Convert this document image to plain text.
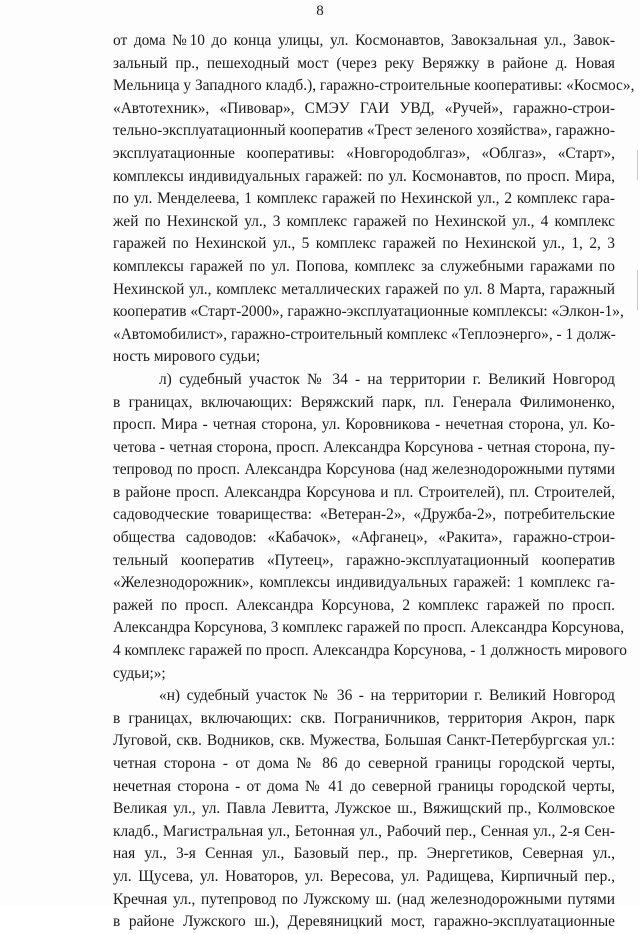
8
от дома №10 до конца улицы, ул. Космонавтов, Завокзальная ул., Завок-
зальный пр., пешеходный мост (через реку Веряжку в районе д. Новая
Мельница у Западного кладб.), гаражно-строительные кооперативы: «Космос»,
«Автотехник», «Пивовар», СМЭУ ГАИ УВД, «Ручей», гаражно-строи-
тельно-эксплуатационный кооператив «Трест зеленого хозяйства», гаражно-
эксплуатационные кооперативы: «Новгородоблгаз», «Облгаз», «Старт»,
комплексы индивидуальных гаражей: по ул. Космонавтов, по просп. Мира,
по ул. Менделеева, 1 комплекс гаражей по Нехинской ул., 2 комплекс гара-
жей по Нехинской ул., 3 комплекс гаражей по Нехинской ул., 4 комплекс
гаражей по Нехинской ул., 5 комплекс гаражей по Нехинской ул., 1, 2, 3
комплексы гаражей по ул. Попова, комплекс за служебными гаражами по
Нехинской ул., комплекс металлических гаражей по ул. 8 Марта, гаражный
кооператив «Старт-2000», гаражно-эксплуатационные комплексы: «Элкон-1»,
«Автомобилист», гаражно-строительный комплекс «Теплоэнерго», - 1 долж-
ность мирового судьи;
л) судебный участок № 34 - на территории г. Великий Новгород
в границах, включающих: Веряжский парк, пл. Генерала Филимоненко,
просп. Мира - четная сторона, ул. Коровникова - нечетная сторона, ул. Ко-
четова - четная сторона, просп. Александра Корсунова - четная сторона, пу-
тепровод по просп. Александра Корсунова (над железнодорожными путями
в районе просп. Александра Корсунова и пл. Строителей), пл. Строителей,
садоводческие товарищества: «Ветеран-2», «Дружба-2», потребительские
общества садоводов: «Кабачок», «Афганец», «Ракита», гаражно-строи-
тельный кооператив «Путеец», гаражно-эксплуатационный кооператив
«Железнодорожник», комплексы индивидуальных гаражей: 1 комплекс га-
ражей по просп. Александра Корсунова, 2 комплекс гаражей по просп.
Александра Корсунова, 3 комплекс гаражей по просп. Александра Корсунова,
4 комплекс гаражей по просп. Александра Корсунова, - 1 должность мирового
судьи;»;
«н) судебный участок № 36 - на территории г. Великий Новгород
в границах, включающих: скв. Пограничников, территория Акрон, парк
Луговой, скв. Водников, скв. Мужества, Большая Санкт-Петербургская ул.:
четная сторона - от дома № 86 до северной границы городской черты,
нечетная сторона - от дома № 41 до северной границы городской черты,
Великая ул., ул. Павла Левитта, Лужское ш., Вяжищский пр., Колмовское
кладб., Магистральная ул., Бетонная ул., Рабочий пер., Сенная ул., 2-я Сен-
ная ул., 3-я Сенная ул., Базовый пер., пр. Энергетиков, Северная ул.,
ул. Щусева, ул. Новаторов, ул. Вересова, ул. Радищева, Кирпичный пер.,
Кречная ул., путепровод по Лужскому ш. (над железнодорожными путями
в районе Лужского ш.), Деревяницкий мост, гаражно-эксплуатационные
